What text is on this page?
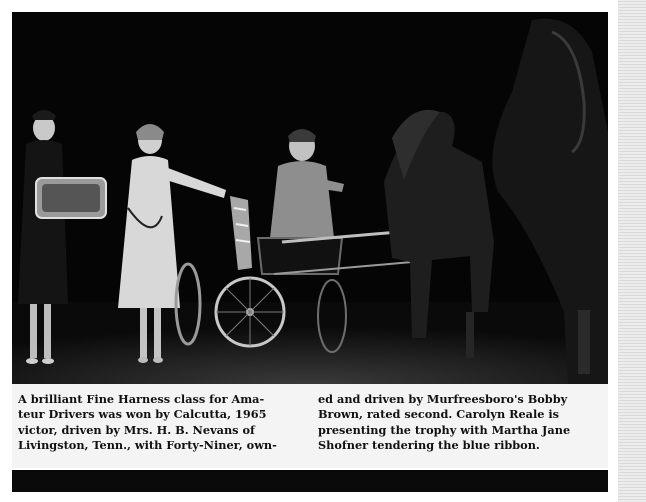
A brilliant Fine Harness class for Ama-
teur Drivers was won by Calcutta, 1965
victor, driven by Mrs. H. B. Nevans of
Livingston, Tenn., with Forty-Niner, own-
ed and driven by Murfreesboro's Bobby
Brown, rated second. Carolyn Reale is
presenting the trophy with Martha Jane
Shofner tendering the blue ribbon.
